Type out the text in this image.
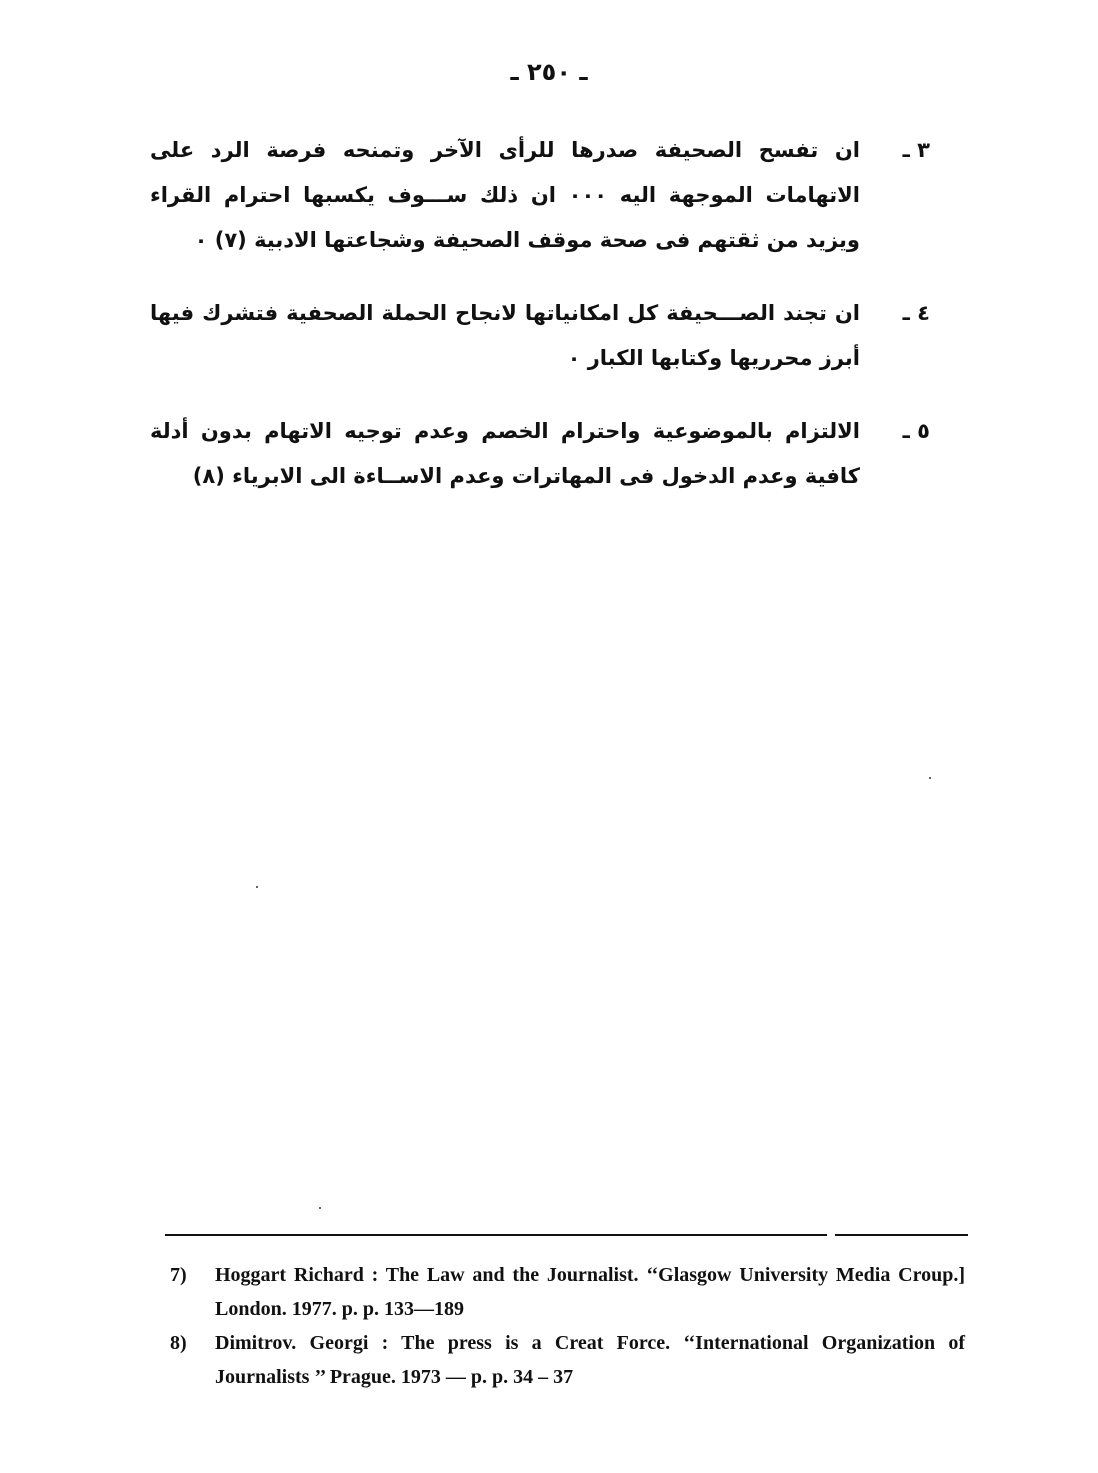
ـ ٢٥٠ ـ
٣ ـ
ان تفسح الصحيفة صدرها للرأى الآخر وتمنحه فرصة الرد على الاتهامات الموجهة اليه ٠٠٠ ان ذلك ســـوف يكسبها احترام القراء ويزيد من ثقتهم فى صحة موقف الصحيفة وشجاعتها الادبية (٧) ٠
٤ ـ
ان تجند الصـــحيفة كل امكانياتها لانجاح الحملة الصحفية فتشرك فيها أبرز محرريها وكتابها الكبار ٠
٥ ـ
الالتزام بالموضوعية واحترام الخصم وعدم توجيه الاتهام بدون أدلة كافية وعدم الدخول فى المهاترات وعدم الاســاءة الى الابرياء (٨)
7)	Hoggart Richard : The Law and the Journalist. ‘‘Glasgow University Media Croup.] London. 1977. p. p. 133—189
8)	Dimitrov. Georgi : The press is a Creat Force. ‘‘International Organization of Journalists ’’ Prague. 1973 — p. p. 34 – 37
